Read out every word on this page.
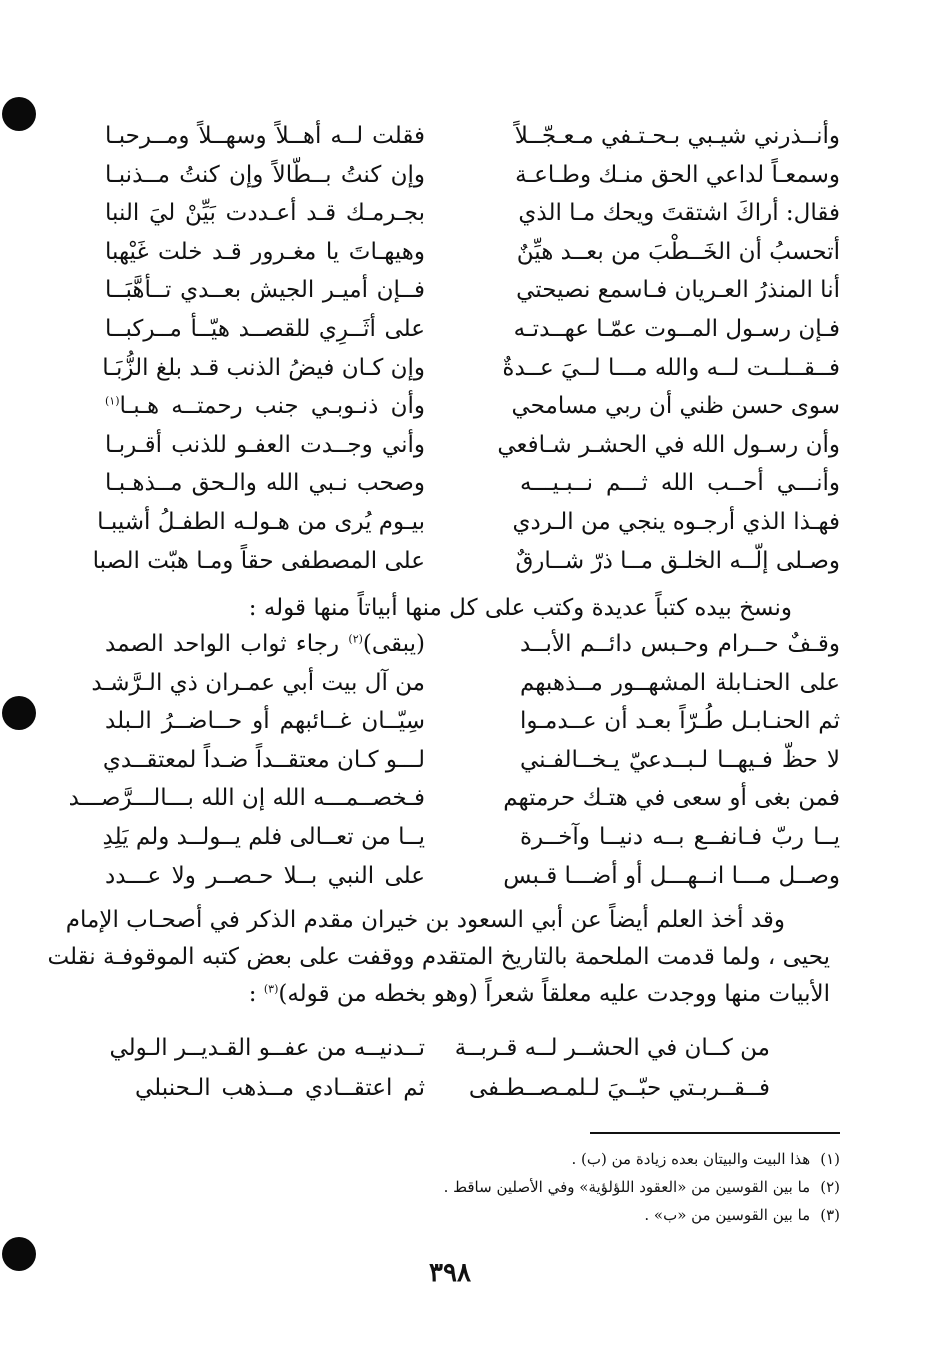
وأنــذرني شيـبي بـحـتـفي مـعـجّــلاً
فقلت لــه أهــلاً وسهــلاً ومــرحبـا
وسمعـاً لداعي الحق منـك وطـاعـة
وإن كنتُ بــطّالاً وإن كنتُ مــذنبـا
فقال: أراكَ اشتقتَ ويحك مـا الذي
بجـرمـك قـد أعـددت بَيِّنْ ليَ النبا
أتحسبُ أن الخَــطْبَ من بعــد هيِّنٌ
وهيهـاتَ يا مغـرور قـد خلت غَيْهبا
أنا المنذرُ العـريان فـاسمع نصيحتي
فــإن أميـر الجيش بعــدي تــأهَّبَــا
فـإن رسـول المــوت عمّـا عهــدتـه
على أثَــرِي للقصــد هيّــأ مــركبــا
فــقــلــت لــه والله مـــا لــيَ عــدةٌ
وإن كـان فيضُ الذنب قـد بلغ الزُّبَـا
سوى حسن ظني أن ربي مسامحي
وأن ذنـوبـي جنب رحمتــه هـبـا$^{(١)}$
وأن رسـول الله في الحشـر شـافعي
وأني وجــدت العفـو للذنب أقـربـا
وأنـــي أحــب الله ثـــم نــبـيـــه
وصحب نـبي الله والـحق مــذهـبـا
فهـذا الذي أرجـوه ينجي من الـردي
بيـوم يُرى من هـولـه الطفـلُ أشيبـا
وصـلى إلّــه الخلـق مــا ذرّ شــارقٌ
على المصطفى حقاً ومـا هبّت الصبا
ونسخ بيده كتباً عديدة وكتب على كل منها أبياتاً منها قوله :
وقـفٌ حــرام وحـبس دائــم الأبــد
(يبقى)$^{(٢)}$ رجاء ثواب الواحد الصمد
على الحنـابلة المشهــور مــذهبهم
من آل بيت أبي عمـران ذي الـرَّشـد
ثم الحنـابـل طُـرّاً بعـد أن عــدمـوا
سِيّــان غــائبهم أو حــاضــرُ الـبلد
لا حظّ فـيهــا لـبــدعيّ يـخــالفـني
لـــو كـان معتقــداً ضـداً لمعتقــدي
فمن بغى أو سعى في هتـك حرمتهم
فـخصــمـــه الله إن الله بـــالـــرَّصـــد
يــا ربّ فـانفــع بــه دنيــا وآخــرة
يــا من تعــالى فلم يــولــد ولم يَلِدِ
وصــل مـــا انــهـــل أو أضـــا قـبس
على النبي بــلا حـصــر ولا عـــدد
وقد أخذ العلم أيضاً عن أبي السعود بن خيران مقدم الذكر في أصحـاب الإمام
يحيى ، ولما قدمت الملحمة بالتاريخ المتقدم ووقفت على بعض كتبه الموقوفـة نقلت
الأبيات منها ووجدت عليه معلقاً شعراً (وهو بخطه من قوله)$^{(٣)}$ :
من كــان في الحشــر لــه قـربــة
تــدنيــه من عفــو القـديــر الـولي
فــقــربـتي حبّــيَ لـلمـصــطـفى
ثم اعتقــادي مــذهب الـحنبلي
(١)هذا البيت والبيتان بعده زيادة من (ب) .
(٢)ما بين القوسين من «العقود اللؤلؤية» وفي الأصلين ساقط .
(٣)ما بين القوسين من «ب» .
٣٩٨
